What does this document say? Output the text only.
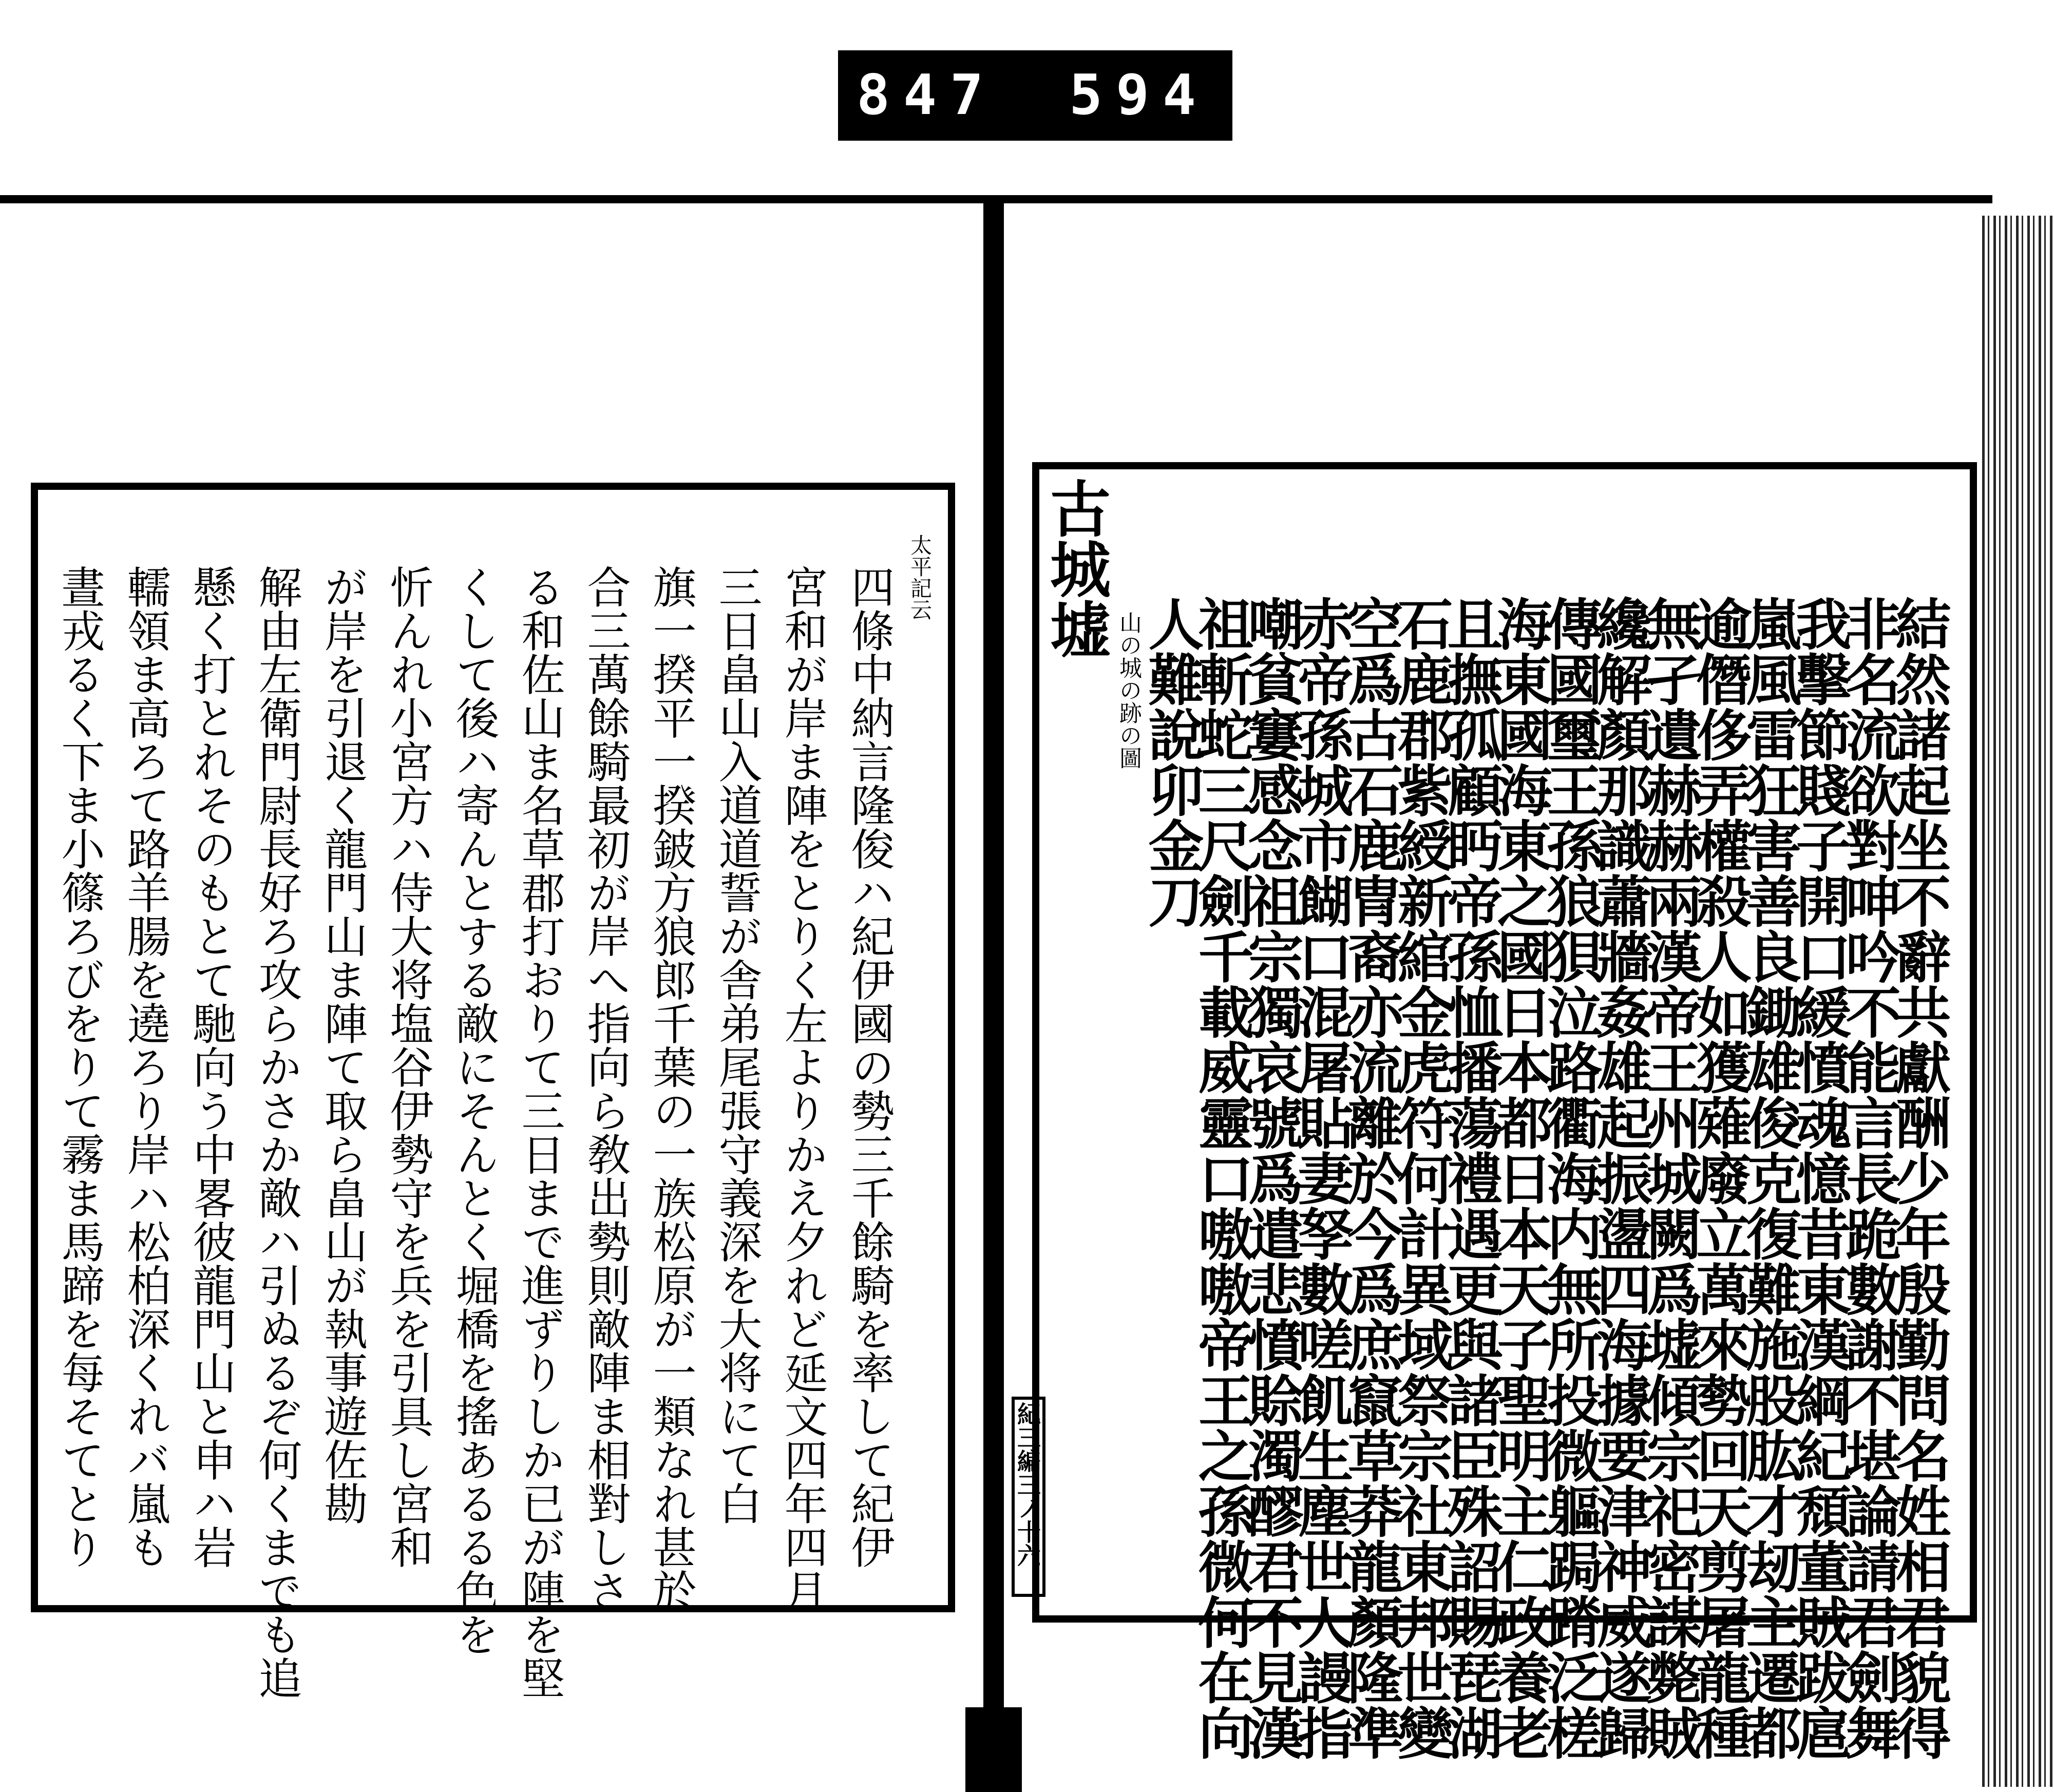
847 594
太平記云
四條中納言隆俊ハ紀伊國の勢三千餘騎を率して紀伊
宮和が岸ま陣をとりく左よりかえ夕れど延文四年四月
三日畠山入道道誓が舎弟尾張守義深を大将にて白
旗一揆平一揆鈹方狼郎千葉の一族松原が一類なれ甚於
合三萬餘騎最初が岸へ指向ら敎出勢則敵陣ま相對しさ
る和佐山ま名草郡打おりて三日まで進ずりしか已が陣を堅
くして後ハ寄んとする敵にそんとく堀橋を搖あるる色を
忻んれ小宮方ハ侍大将塩谷伊勢守を兵を引具し宮和
が岸を引退く龍門山ま陣て取ら畠山が執事遊佐勘
解由左衛門尉長好ろ攻らかさか敵ハ引ぬるぞ何くまでも追
懸く打とれそのもとて馳向う中畧彼龍門山と申ハ岩
轜領ま高ろて路羊腸を遶ろり岸ハ松柏深くれバ嵐も
晝戎るく下ま小篠ろびをりて霧ま馬蹄を每そてとり	古城墟
山の城の跡の圖	結然諸起坐不辭共獻酬少年殷勤問名姓相君貌得
非名流欲對呻吟不能言長跪數謝不堪論請君劍舞
我擊節賤子開口緩憤魂憶昔東漢綱紀頹董賊跋扈
嵐風雷狂害善良鋤雄俊克復難施股肱才刼主遷都
逾僭侈弄權殺人如獲薙廢立萬來勢回天剪屠龍種
無孑遺赫赫兩漢帝王州城闕爲墟傾宗祀密謀斃賊
纔解顏那識蕭牆姦雄起振盪四海據要津神威遂歸
傳國璽王孫狼狽泣路衢海内無所投微軀跼蹐泛槎
海東國海東之國日本都日本天子聖明主仁政養老
且撫孤顧眄帝孫恤播蕩禮遇更與諸臣殊詔賜琵湖
石鹿郡紫綬新綰金虎符何計異域祭宗社東邦世變
空爲古石鹿冑裔亦流離於今爲庶竄草莽龍顏隆準
赤帝孫城市餬口混屠貼妻孥數嗟飢生塵世人謾指
嘲貧窶感念祖宗獨哀號爲遣悲憤賒濁醪君不見漢
祖斬蛇三尺劍千載威靈口嗷嗷帝王之孫微何在向
人難說卯金刀
紀三編三ノ十六
